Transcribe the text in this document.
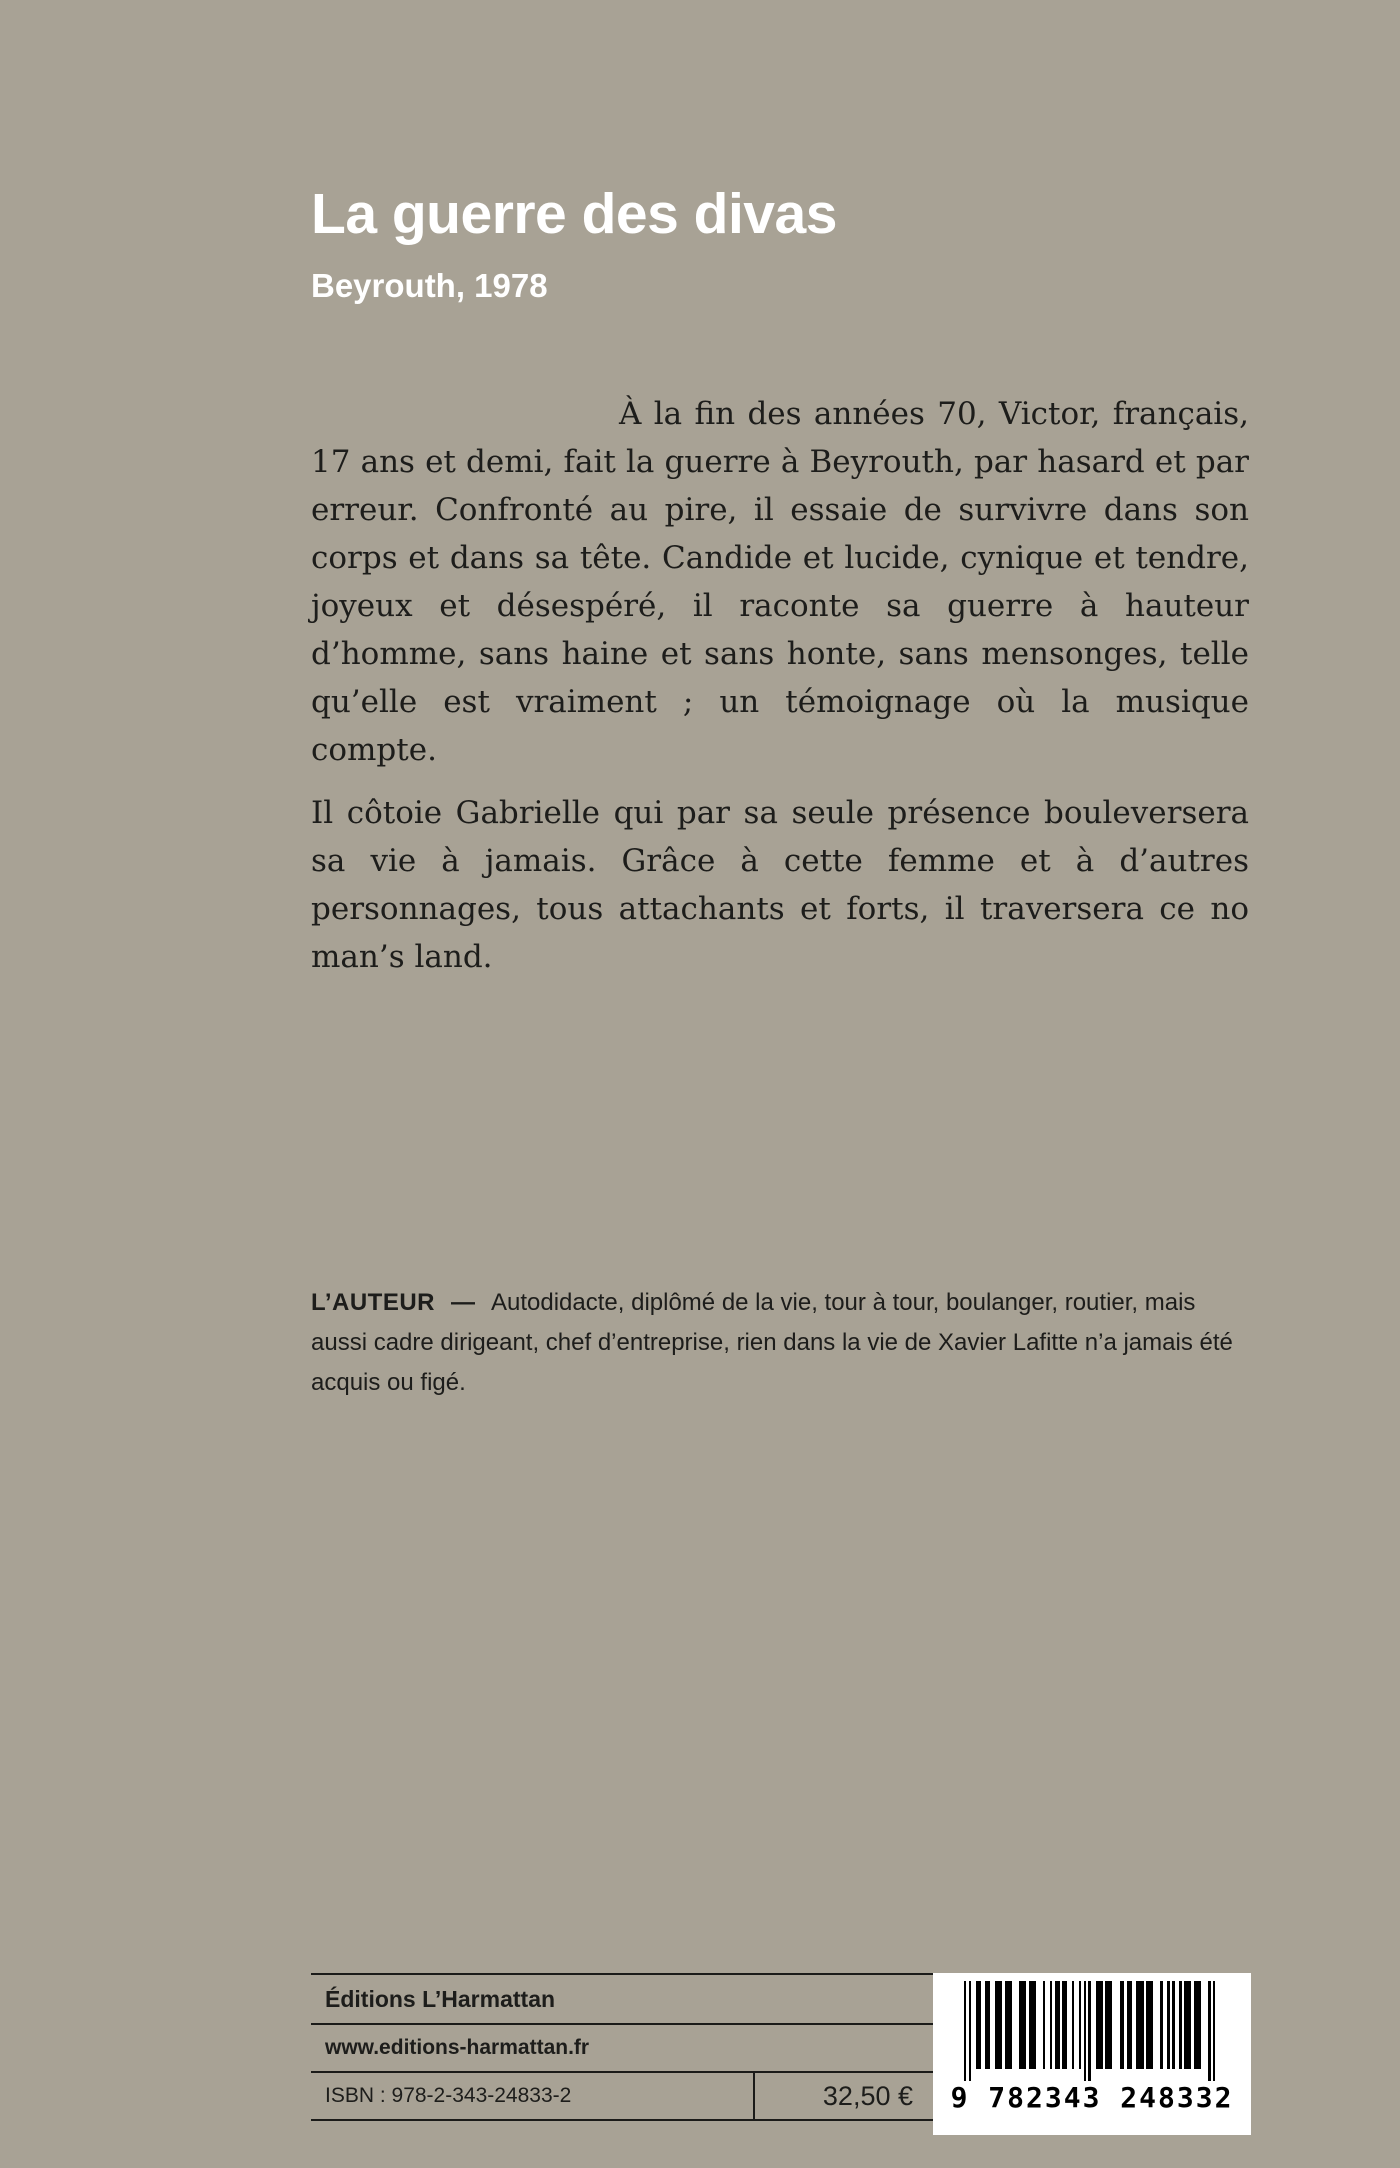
La guerre des divas
Beyrouth, 1978

À la fin des années 70, Victor, français, 17 ans et demi, fait la guerre à Beyrouth, par hasard et par erreur. Confronté au pire, il essaie de survivre dans son corps et dans sa tête. Candide et lucide, cynique et tendre, joyeux et désespéré, il raconte sa guerre à hauteur d’homme, sans haine et sans honte, sans mensonges, telle qu’elle est vraiment ; un témoignage où la musique compte.

Il côtoie Gabrielle qui par sa seule présence bouleversera sa vie à jamais. Grâce à cette femme et à d’autres personnages, tous attachants et forts, il traversera ce no man’s land.

L’AUTEUR — Autodidacte, diplômé de la vie, tour à tour, boulanger, routier, mais aussi cadre dirigeant, chef d’entreprise, rien dans la vie de Xavier Lafitte n’a jamais été acquis ou figé.
Éditions L’Harmattan
www.editions-harmattan.fr
ISBN : 978-2-343-24833-2	32,50 €	9 782343 248332
